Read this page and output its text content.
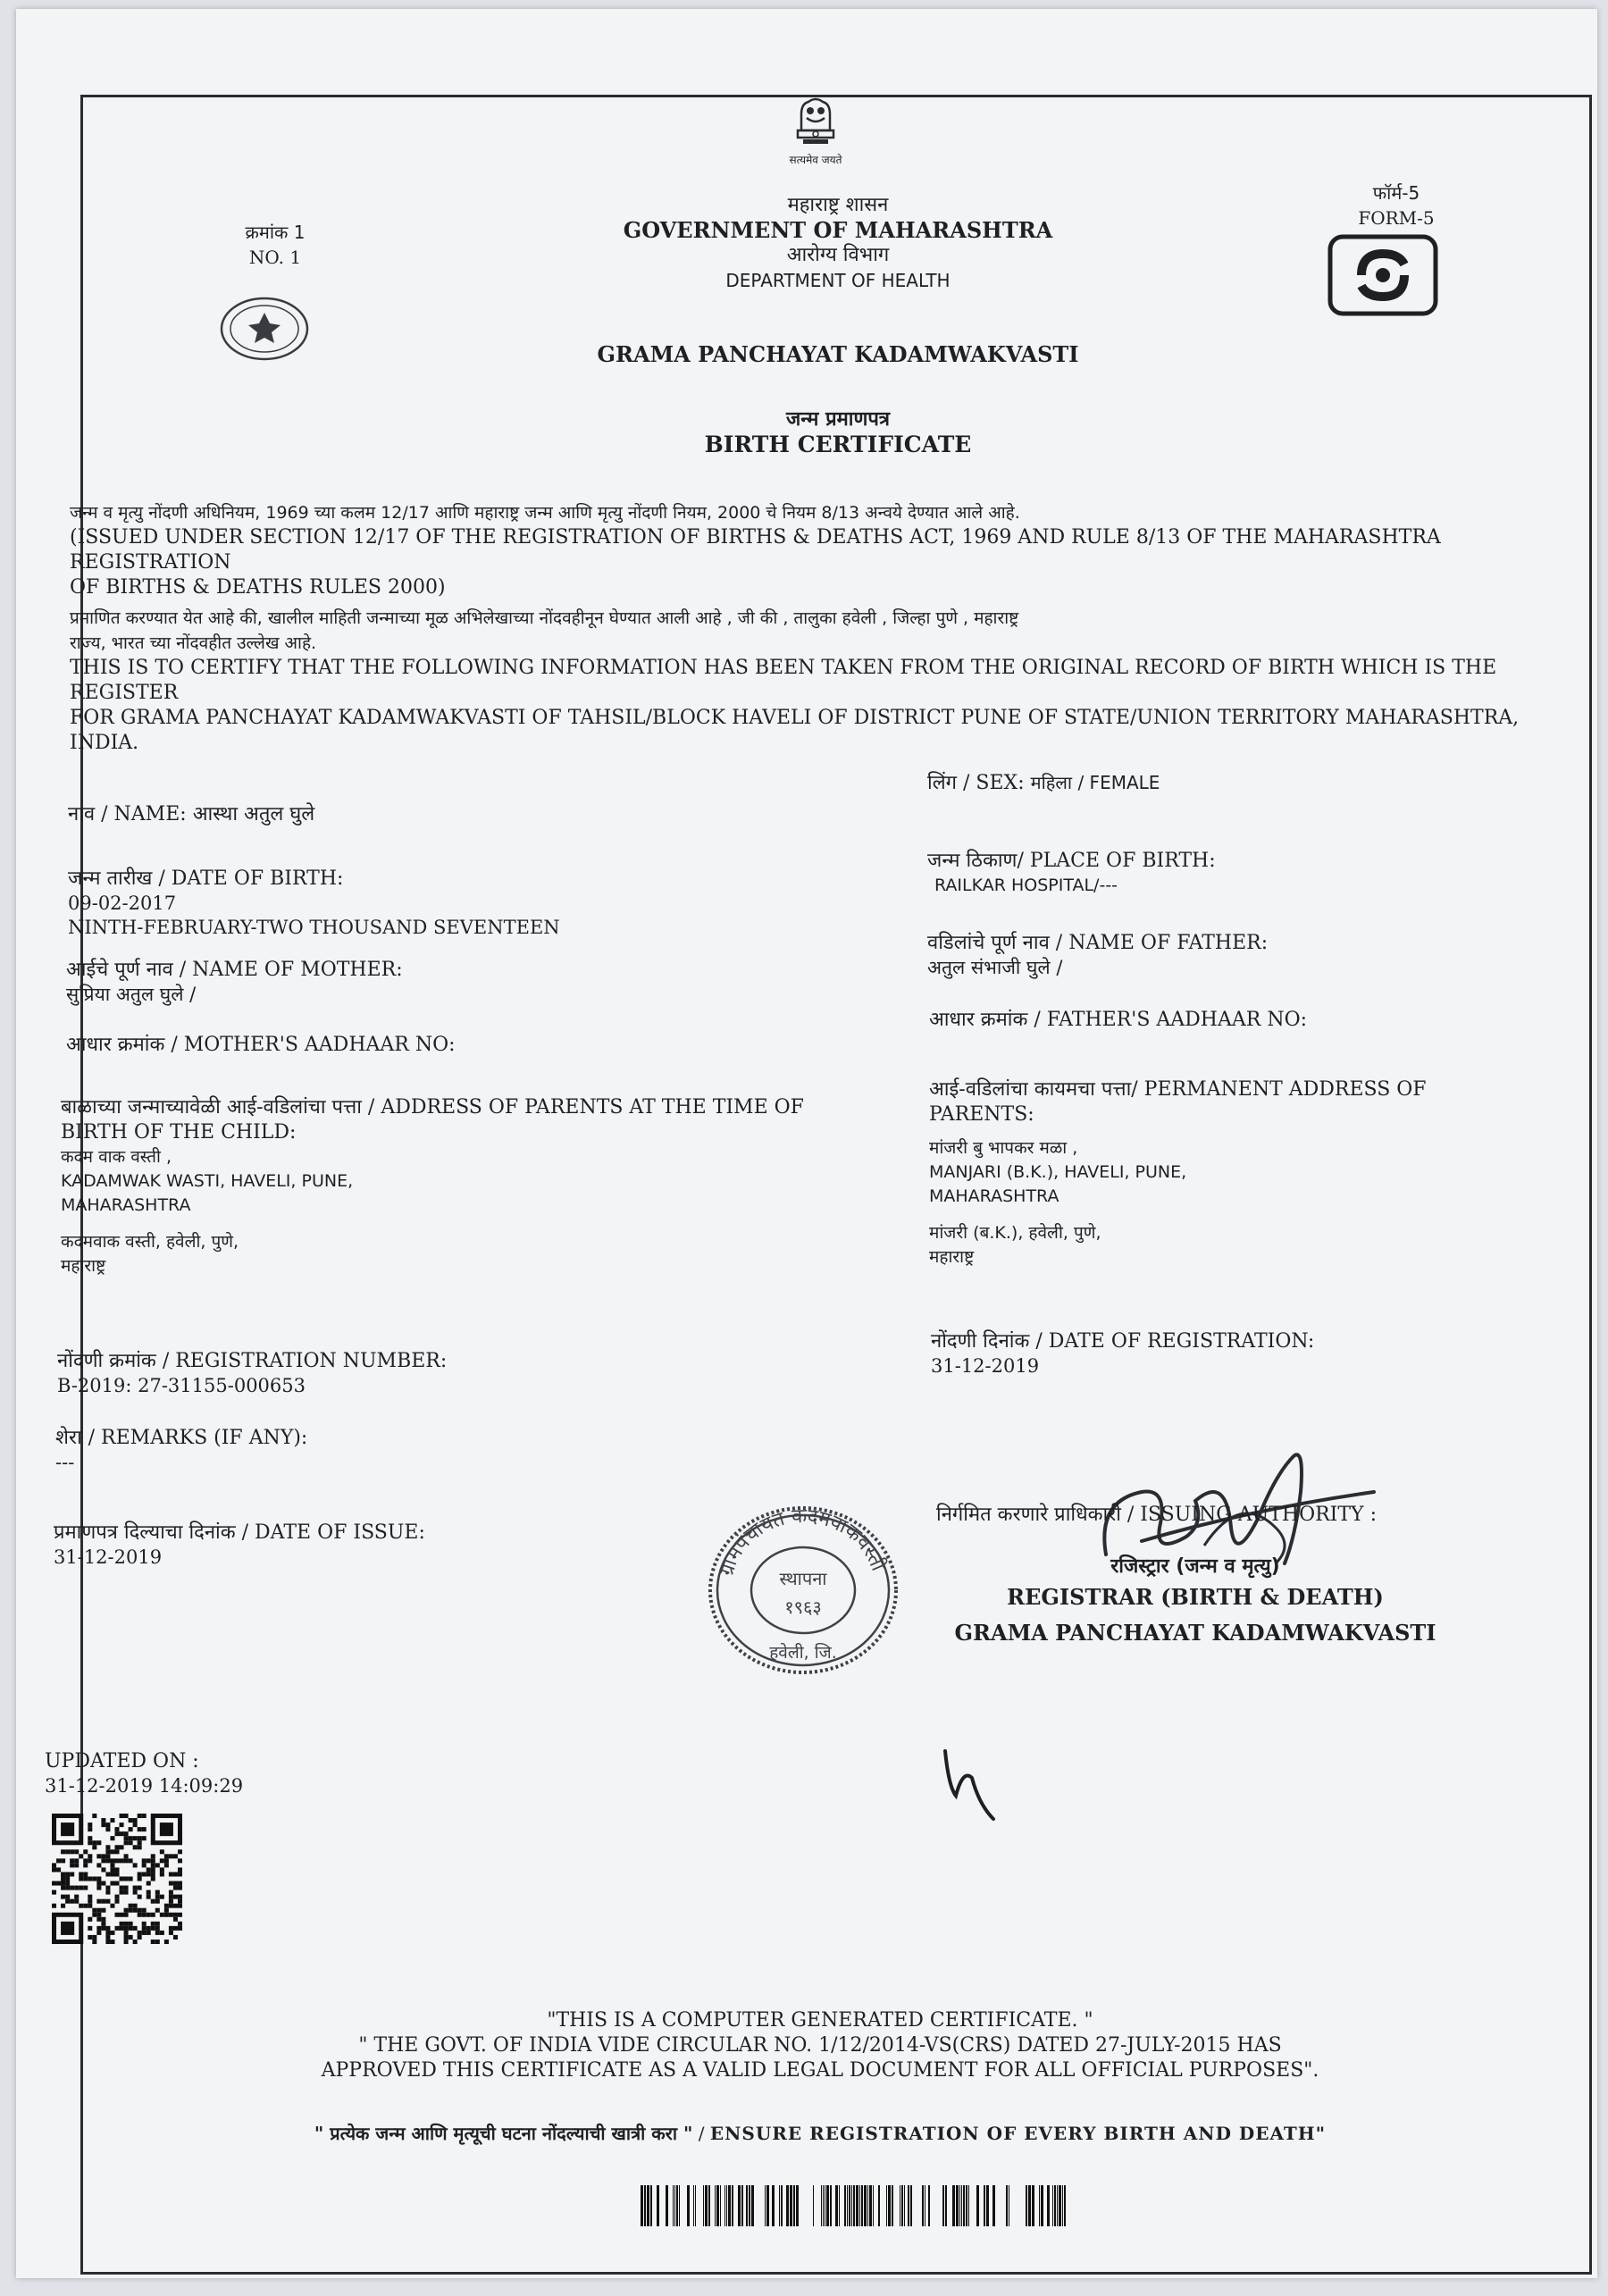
सत्यमेव जयते
क्रमांक 1
NO. 1
फॉर्म-5
FORM-5
महाराष्ट्र शासन
GOVERNMENT OF MAHARASHTRA
आरोग्य विभाग
DEPARTMENT OF HEALTH
GRAMA PANCHAYAT KADAMWAKVASTI
जन्म प्रमाणपत्र
BIRTH CERTIFICATE
जन्म व मृत्यु नोंदणी अधिनियम, 1969 च्या कलम 12/17 आणि महाराष्ट्र जन्म आणि मृत्यु नोंदणी नियम, 2000 चे नियम 8/13 अन्वये देण्यात आले आहे.
(ISSUED UNDER SECTION 12/17 OF THE REGISTRATION OF BIRTHS & DEATHS ACT, 1969 AND RULE 8/13 OF THE MAHARASHTRA REGISTRATION
OF BIRTHS & DEATHS RULES 2000)
प्रमाणित करण्यात येत आहे की, खालील माहिती जन्माच्या मूळ अभिलेखाच्या नोंदवहीनून घेण्यात आली आहे , जी की , तालुका हवेली , जिल्हा पुणे , महाराष्ट्र
राज्य, भारत च्या नोंदवहीत उल्लेख आहे.
THIS IS TO CERTIFY THAT THE FOLLOWING INFORMATION HAS BEEN TAKEN FROM THE ORIGINAL RECORD OF BIRTH WHICH IS THE REGISTER
FOR GRAMA PANCHAYAT KADAMWAKVASTI OF TAHSIL/BLOCK HAVELI OF DISTRICT PUNE OF STATE/UNION TERRITORY MAHARASHTRA, INDIA.
नाव / NAME: आस्था अतुल घुले
जन्म तारीख / DATE OF BIRTH:
09-02-2017
NINTH-FEBRUARY-TWO THOUSAND SEVENTEEN
आईचे पूर्ण नाव / NAME OF MOTHER:
सुप्रिया अतुल घुले /
आधार क्रमांक / MOTHER'S AADHAAR NO:
बाळाच्या जन्माच्यावेळी आई-वडिलांचा पत्ता / ADDRESS OF PARENTS AT THE TIME OF
BIRTH OF THE CHILD:
कदम वाक वस्ती ,
KADAMWAK WASTI, HAVELI, PUNE,
MAHARASHTRA
कदमवाक वस्ती, हवेली, पुणे,
महाराष्ट्र
नोंदणी क्रमांक / REGISTRATION NUMBER:
B-2019: 27-31155-000653
शेरा / REMARKS (IF ANY):
---
प्रमाणपत्र दिल्याचा दिनांक / DATE OF ISSUE:
31-12-2019
लिंग / SEX: महिला / FEMALE
जन्म ठिकाण/ PLACE OF BIRTH:
RAILKAR HOSPITAL/---
वडिलांचे पूर्ण नाव / NAME OF FATHER:
अतुल संभाजी घुले /
आधार क्रमांक / FATHER'S AADHAAR NO:
आई-वडिलांचा कायमचा पत्ता/ PERMANENT ADDRESS OF
PARENTS:
मांजरी बु भापकर मळा ,
MANJARI (B.K.), HAVELI, PUNE,
MAHARASHTRA
मांजरी (ब.K.), हवेली, पुणे,
महाराष्ट्र
नोंदणी दिनांक / DATE OF REGISTRATION:
31-12-2019
ग्रामपंचायत कदमवाकवस्ती
स्थापना
१९६३
हवेली, जि.
निर्गमित करणारे प्राधिकारी / ISSUING AUTHORITY :
रजिस्ट्रार (जन्म व मृत्यु)
REGISTRAR (BIRTH & DEATH)
GRAMA PANCHAYAT KADAMWAKVASTI
UPDATED ON :
31-12-2019 14:09:29
"THIS IS A COMPUTER GENERATED CERTIFICATE. "
" THE GOVT. OF INDIA VIDE CIRCULAR NO. 1/12/2014-VS(CRS) DATED 27-JULY-2015 HAS
APPROVED THIS CERTIFICATE AS A VALID LEGAL DOCUMENT FOR ALL OFFICIAL PURPOSES".
" प्रत्येक जन्म आणि मृत्यूची घटना नोंदल्याची खात्री करा " / ENSURE REGISTRATION OF EVERY BIRTH AND DEATH"
